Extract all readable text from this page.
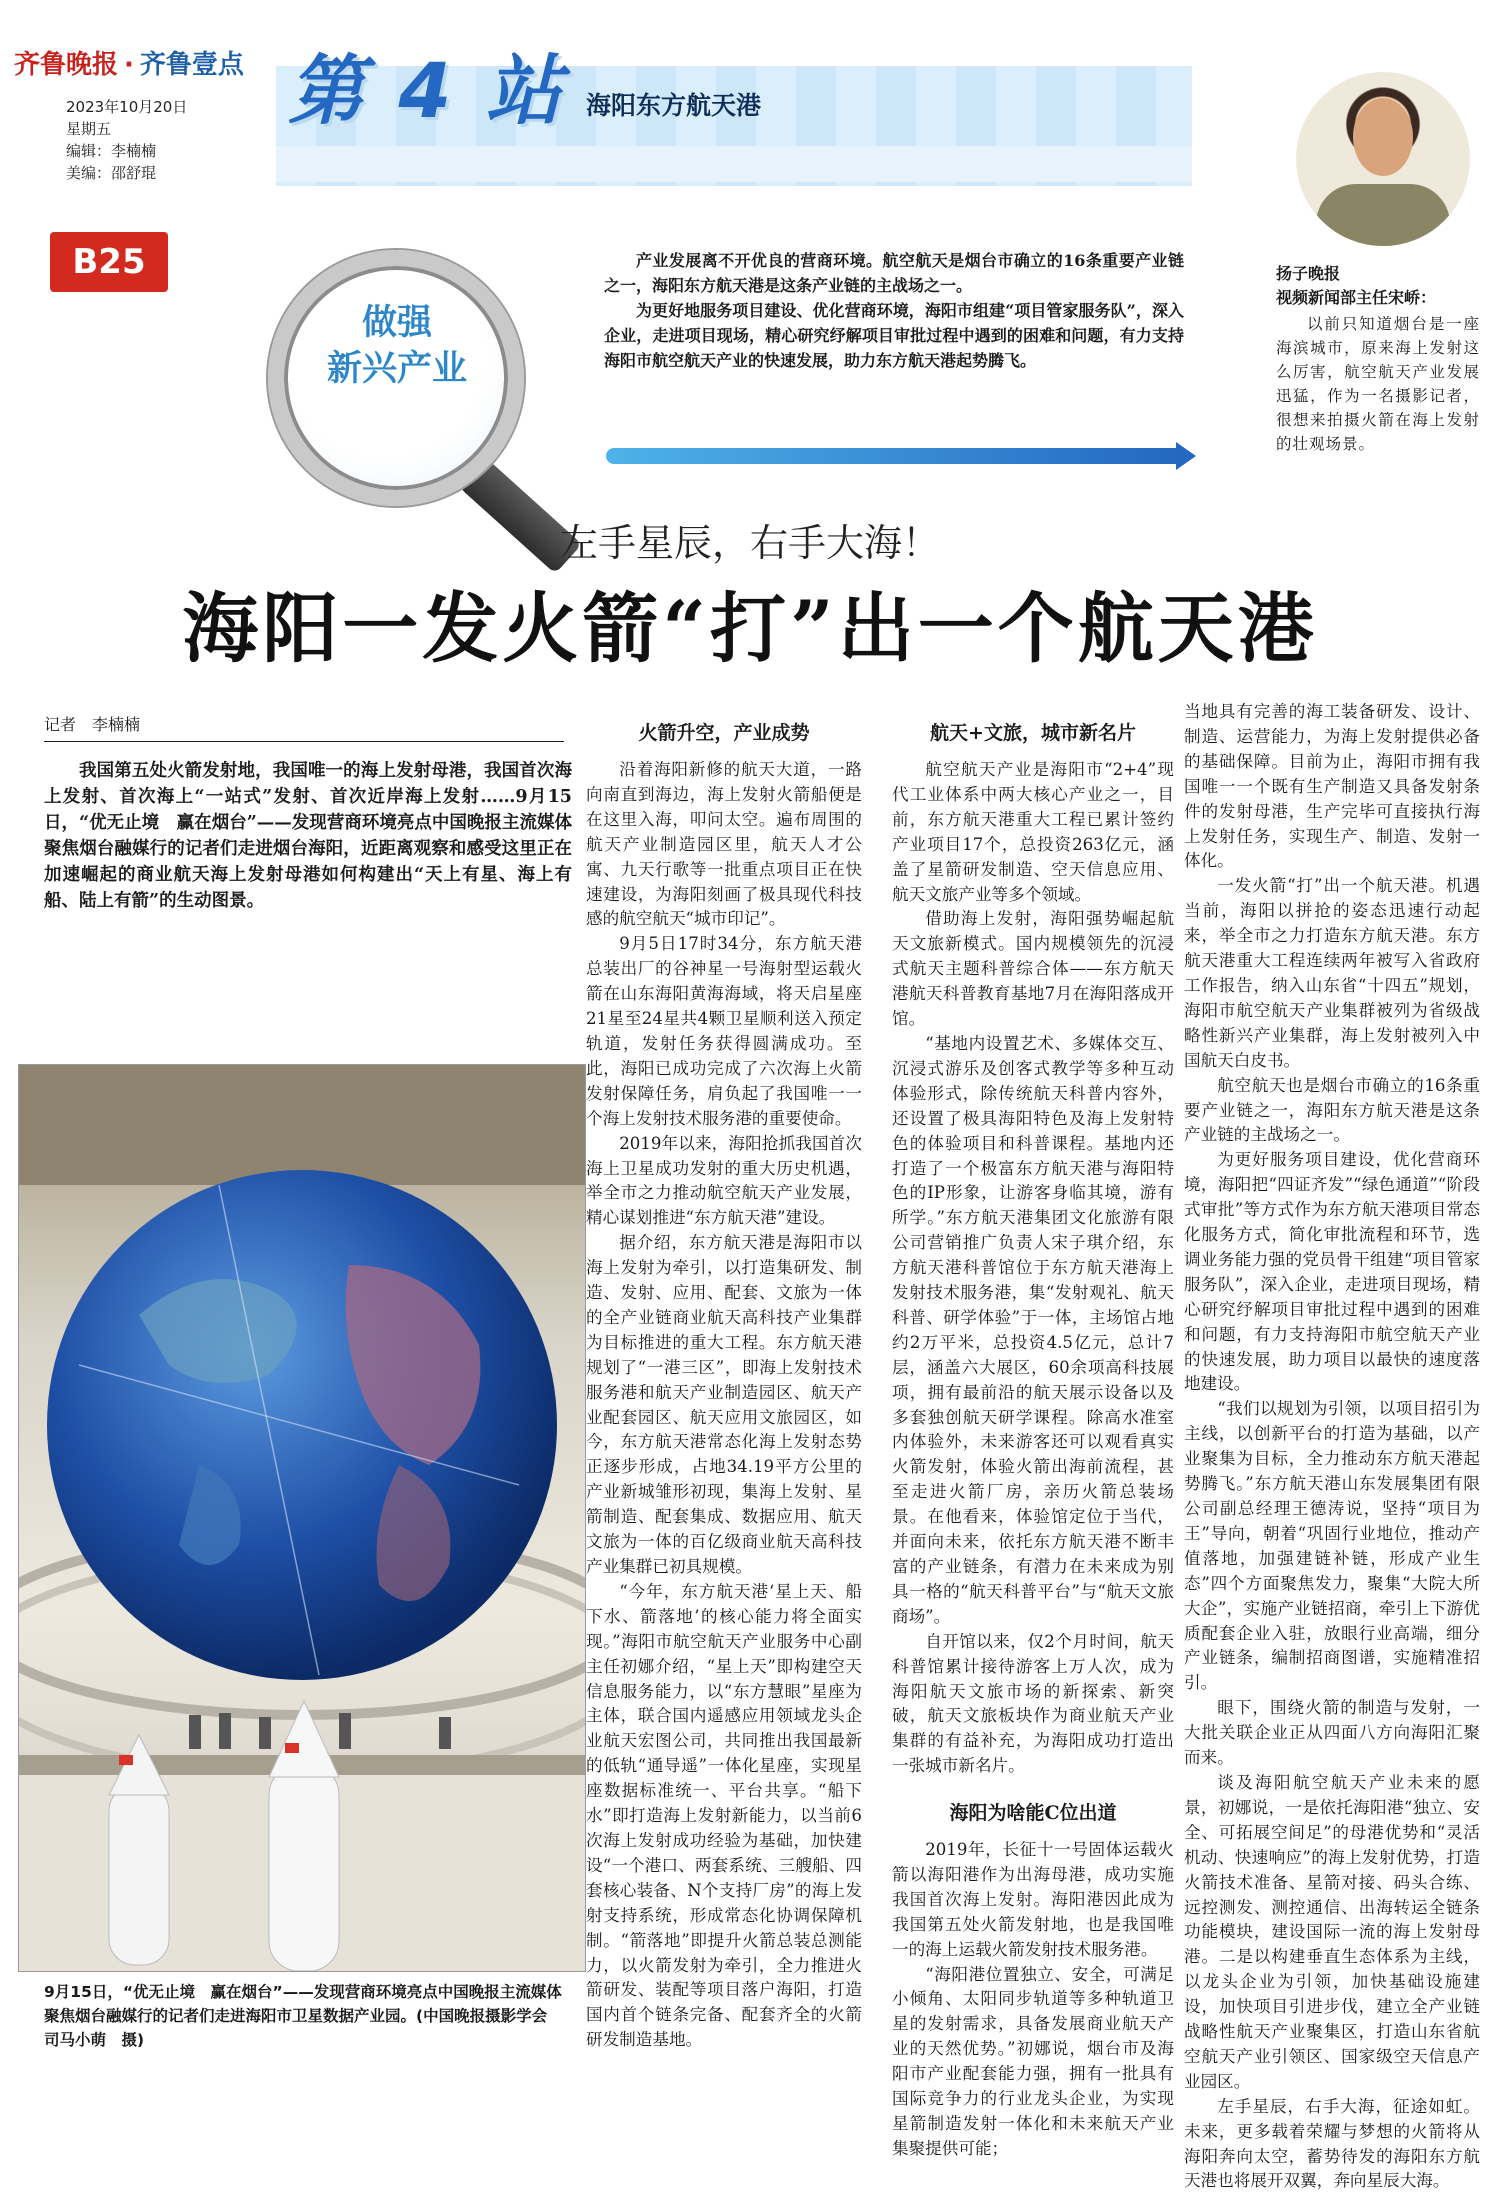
齐鲁晚报 · 齐鲁壹点
2023年10月20日
星期五
编辑：李楠楠
美编：邵舒琨
第 4 站 海阳东方航天港
B25
做强
新兴产业

产业发展离不开优良的营商环境。航空航天是烟台市确立的16条重要产业链之一，海阳东方航天港是这条产业链的主战场之一。

为更好地服务项目建设、优化营商环境，海阳市组建“项目管家服务队”，深入企业，走进项目现场，精心研究纾解项目审批过程中遇到的困难和问题，有力支持海阳市航空航天产业的快速发展，助力东方航天港起势腾飞。

扬子晚报
视频新闻部主任宋峤：

以前只知道烟台是一座海滨城市，原来海上发射这么厉害，航空航天产业发展迅猛，作为一名摄影记者，很想来拍摄火箭在海上发射的壮观场景。

左手星辰，右手大海！
海阳一发火箭“打”出一个航天港
记者　李楠楠

我国第五处火箭发射地，我国唯一的海上发射母港，我国首次海上发射、首次海上“一站式”发射、首次近岸海上发射……9月15日，“优无止境　赢在烟台”——发现营商环境亮点中国晚报主流媒体聚焦烟台融媒行的记者们走进烟台海阳，近距离观察和感受这里正在加速崛起的商业航天海上发射母港如何构建出“天上有星、海上有船、陆上有箭”的生动图景。

9月15日，“优无止境　赢在烟台”——发现营商环境亮点中国晚报主流媒体聚焦烟台融媒行的记者们走进海阳市卫星数据产业园。(中国晚报摄影学会　司马小萌　摄)
火箭升空，产业成势

沿着海阳新修的航天大道，一路向南直到海边，海上发射火箭船便是在这里入海，叩问太空。遍布周围的航天产业制造园区里，航天人才公寓、九天行歌等一批重点项目正在快速建设，为海阳刻画了极具现代科技感的航空航天“城市印记”。

9月5日17时34分，东方航天港总装出厂的谷神星一号海射型运载火箭在山东海阳黄海海域，将天启星座21星至24星共4颗卫星顺利送入预定轨道，发射任务获得圆满成功。至此，海阳已成功完成了六次海上火箭发射保障任务，肩负起了我国唯一一个海上发射技术服务港的重要使命。

2019年以来，海阳抢抓我国首次海上卫星成功发射的重大历史机遇，举全市之力推动航空航天产业发展，精心谋划推进“东方航天港”建设。

据介绍，东方航天港是海阳市以海上发射为牵引，以打造集研发、制造、发射、应用、配套、文旅为一体的全产业链商业航天高科技产业集群为目标推进的重大工程。东方航天港规划了“一港三区”，即海上发射技术服务港和航天产业制造园区、航天产业配套园区、航天应用文旅园区，如今，东方航天港常态化海上发射态势正逐步形成，占地34.19平方公里的产业新城雏形初现，集海上发射、星箭制造、配套集成、数据应用、航天文旅为一体的百亿级商业航天高科技产业集群已初具规模。

“今年，东方航天港‘星上天、船下水、箭落地’的核心能力将全面实现。”海阳市航空航天产业服务中心副主任初娜介绍，“星上天”即构建空天信息服务能力，以“东方慧眼”星座为主体，联合国内遥感应用领域龙头企业航天宏图公司，共同推出我国最新的低轨“通导遥”一体化星座，实现星座数据标准统一、平台共享。“船下水”即打造海上发射新能力，以当前6次海上发射成功经验为基础，加快建设“一个港口、两套系统、三艘船、四套核心装备、N个支持厂房”的海上发射支持系统，形成常态化协调保障机制。“箭落地”即提升火箭总装总测能力，以火箭发射为牵引，全力推进火箭研发、装配等项目落户海阳，打造国内首个链条完备、配套齐全的火箭研发制造基地。

航天+文旅，城市新名片

航空航天产业是海阳市“2+4”现代工业体系中两大核心产业之一，目前，东方航天港重大工程已累计签约产业项目17个，总投资263亿元，涵盖了星箭研发制造、空天信息应用、航天文旅产业等多个领域。

借助海上发射，海阳强势崛起航天文旅新模式。国内规模领先的沉浸式航天主题科普综合体——东方航天港航天科普教育基地7月在海阳落成开馆。

“基地内设置艺术、多媒体交互、沉浸式游乐及创客式教学等多种互动体验形式，除传统航天科普内容外，还设置了极具海阳特色及海上发射特色的体验项目和科普课程。基地内还打造了一个极富东方航天港与海阳特色的IP形象，让游客身临其境，游有所学。”东方航天港集团文化旅游有限公司营销推广负责人宋子琪介绍，东方航天港科普馆位于东方航天港海上发射技术服务港，集“发射观礼、航天科普、研学体验”于一体，主场馆占地约2万平米，总投资4.5亿元，总计7层，涵盖六大展区，60余项高科技展项，拥有最前沿的航天展示设备以及多套独创航天研学课程。除高水准室内体验外，未来游客还可以观看真实火箭发射，体验火箭出海前流程，甚至走进火箭厂房，亲历火箭总装场景。在他看来，体验馆定位于当代，并面向未来，依托东方航天港不断丰富的产业链条，有潜力在未来成为别具一格的“航天科普平台”与“航天文旅商场”。

自开馆以来，仅2个月时间，航天科普馆累计接待游客上万人次，成为海阳航天文旅市场的新探索、新突破，航天文旅板块作为商业航天产业集群的有益补充，为海阳成功打造出一张城市新名片。

海阳为啥能C位出道

2019年，长征十一号固体运载火箭以海阳港作为出海母港，成功实施我国首次海上发射。海阳港因此成为我国第五处火箭发射地，也是我国唯一的海上运载火箭发射技术服务港。

“海阳港位置独立、安全，可满足小倾角、太阳同步轨道等多种轨道卫星的发射需求，具备发展商业航天产业的天然优势。”初娜说，烟台市及海阳市产业配套能力强，拥有一批具有国际竞争力的行业龙头企业，为实现星箭制造发射一体化和未来航天产业集聚提供可能；

当地具有完善的海工装备研发、设计、制造、运营能力，为海上发射提供必备的基础保障。目前为止，海阳市拥有我国唯一一个既有生产制造又具备发射条件的发射母港，生产完毕可直接执行海上发射任务，实现生产、制造、发射一体化。

一发火箭“打”出一个航天港。机遇当前，海阳以拼抢的姿态迅速行动起来，举全市之力打造东方航天港。东方航天港重大工程连续两年被写入省政府工作报告，纳入山东省“十四五”规划，海阳市航空航天产业集群被列为省级战略性新兴产业集群，海上发射被列入中国航天白皮书。

航空航天也是烟台市确立的16条重要产业链之一，海阳东方航天港是这条产业链的主战场之一。

为更好服务项目建设，优化营商环境，海阳把“四证齐发”“绿色通道”“阶段式审批”等方式作为东方航天港项目常态化服务方式，简化审批流程和环节，选调业务能力强的党员骨干组建“项目管家服务队”，深入企业，走进项目现场，精心研究纾解项目审批过程中遇到的困难和问题，有力支持海阳市航空航天产业的快速发展，助力项目以最快的速度落地建设。

“我们以规划为引领，以项目招引为主线，以创新平台的打造为基础，以产业聚集为目标，全力推动东方航天港起势腾飞。”东方航天港山东发展集团有限公司副总经理王德涛说，坚持“项目为王”导向，朝着“巩固行业地位，推动产值落地，加强建链补链，形成产业生态”四个方面聚焦发力，聚集“大院大所大企”，实施产业链招商，牵引上下游优质配套企业入驻，放眼行业高端，细分产业链条，编制招商图谱，实施精准招引。

眼下，围绕火箭的制造与发射，一大批关联企业正从四面八方向海阳汇聚而来。

谈及海阳航空航天产业未来的愿景，初娜说，一是依托海阳港“独立、安全、可拓展空间足”的母港优势和“灵活机动、快速响应”的海上发射优势，打造火箭技术准备、星箭对接、码头合练、远控测发、测控通信、出海转运全链条功能模块，建设国际一流的海上发射母港。二是以构建垂直生态体系为主线，以龙头企业为引领，加快基础设施建设，加快项目引进步伐，建立全产业链战略性航天产业聚集区，打造山东省航空航天产业引领区、国家级空天信息产业园区。

左手星辰，右手大海，征途如虹。未来，更多载着荣耀与梦想的火箭将从海阳奔向太空，蓄势待发的海阳东方航天港也将展开双翼，奔向星辰大海。
